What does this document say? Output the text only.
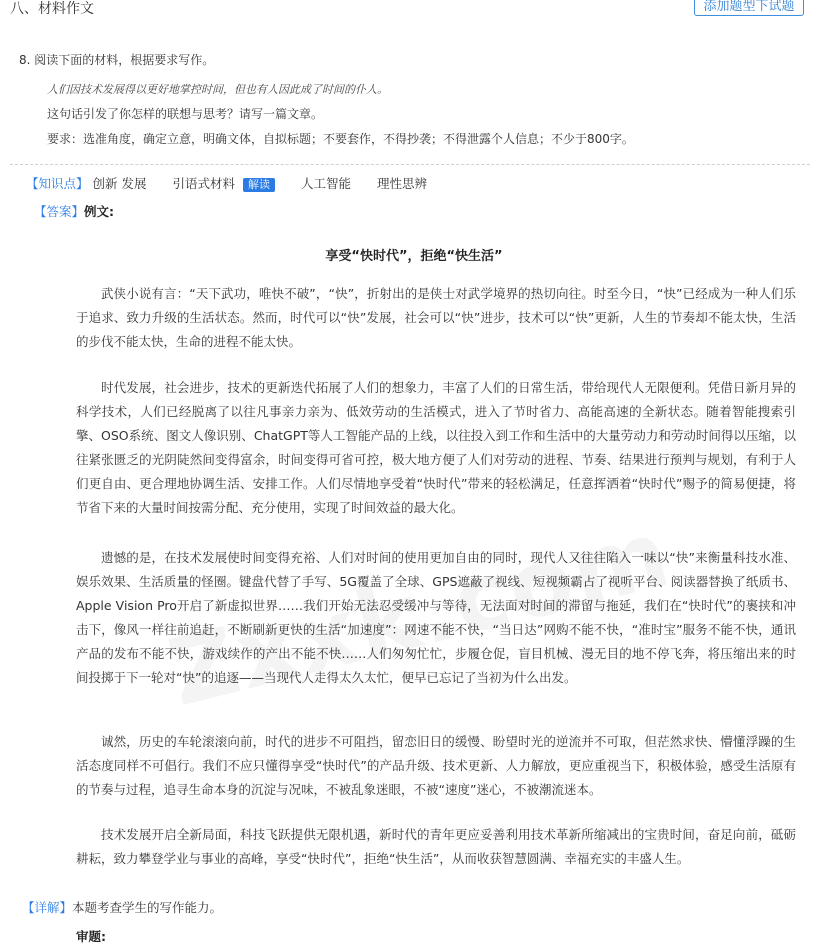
八、材料作文	添加题型下试题
8. 阅读下面的材料，根据要求写作。
人们因技术发展得以更好地掌控时间，但也有人因此成了时间的仆人。
这句话引发了你怎样的联想与思考？请写一篇文章。
要求：选准角度，确定立意，明确文体，自拟标题；不要套作，不得抄袭；不得泄露个人信息；不少于800字。
【知识点】 创新 发展 引语式材料 解读 人工智能 理性思辨
【答案】例文:
享受“快时代”，拒绝“快生活”

武侠小说有言：“天下武功，唯快不破”，“快”，折射出的是侠士对武学境界的热切向往。时至今日，“快”已经成为一种人们乐于追求、致力升级的生活状态。然而，时代可以“快”发展，社会可以“快”进步，技术可以“快”更新，人生的节奏却不能太快，生活的步伐不能太快，生命的进程不能太快。

时代发展，社会进步，技术的更新迭代拓展了人们的想象力，丰富了人们的日常生活，带给现代人无限便利。凭借日新月异的科学技术，人们已经脱离了以往凡事亲力亲为、低效劳动的生活模式，进入了节时省力、高能高速的全新状态。随着智能搜索引擎、OSO系统、图文人像识别、ChatGPT等人工智能产品的上线，以往投入到工作和生活中的大量劳动力和劳动时间得以压缩，以往紧张匮乏的光阴陡然间变得富余，时间变得可省可控，极大地方便了人们对劳动的进程、节奏、结果进行预判与规划，有利于人们更自由、更合理地协调生活、安排工作。人们尽情地享受着“快时代”带来的轻松满足，任意挥洒着“快时代”赐予的简易便捷，将节省下来的大量时间按需分配、充分使用，实现了时间效益的最大化。

遗憾的是，在技术发展使时间变得充裕、人们对时间的使用更加自由的同时，现代人又往往陷入一味以“快”来衡量科技水准、娱乐效果、生活质量的怪圈。键盘代替了手写、5G覆盖了全球、GPS遮蔽了视线、短视频霸占了视听平台、阅读器替换了纸质书、Apple Vision Pro开启了新虚拟世界……我们开始无法忍受缓冲与等待，无法面对时间的滞留与拖延，我们在“快时代”的裹挟和冲击下，像风一样往前追赶，不断刷新更快的生活“加速度”：网速不能不快，“当日达”网购不能不快，“准时宝”服务不能不快，通讯产品的发布不能不快，游戏续作的产出不能不快……人们匆匆忙忙，步履仓促，盲目机械、漫无目的地不停飞奔，将压缩出来的时间投掷于下一轮对“快”的追逐——当现代人走得太久太忙，便早已忘记了当初为什么出发。

诚然，历史的车轮滚滚向前，时代的进步不可阻挡，留恋旧日的缓慢、盼望时光的逆流并不可取，但茫然求快、懵懂浮躁的生活态度同样不可倡行。我们不应只懂得享受“快时代”的产品升级、技术更新、人力解放，更应重视当下，积极体验，感受生活原有的节奏与过程，追寻生命本身的沉淀与况味，不被乱象迷眼，不被“速度”迷心，不被潮流迷本。

技术发展开启全新局面，科技飞跃提供无限机遇，新时代的青年更应妥善利用技术革新所缩减出的宝贵时间，奋足向前，砥砺耕耘，致力攀登学业与事业的高峰，享受“快时代”，拒绝“快生活”，从而收获智慧圆满、幸福充实的丰盛人生。

【详解】本题考查学生的写作能力。
审题:
